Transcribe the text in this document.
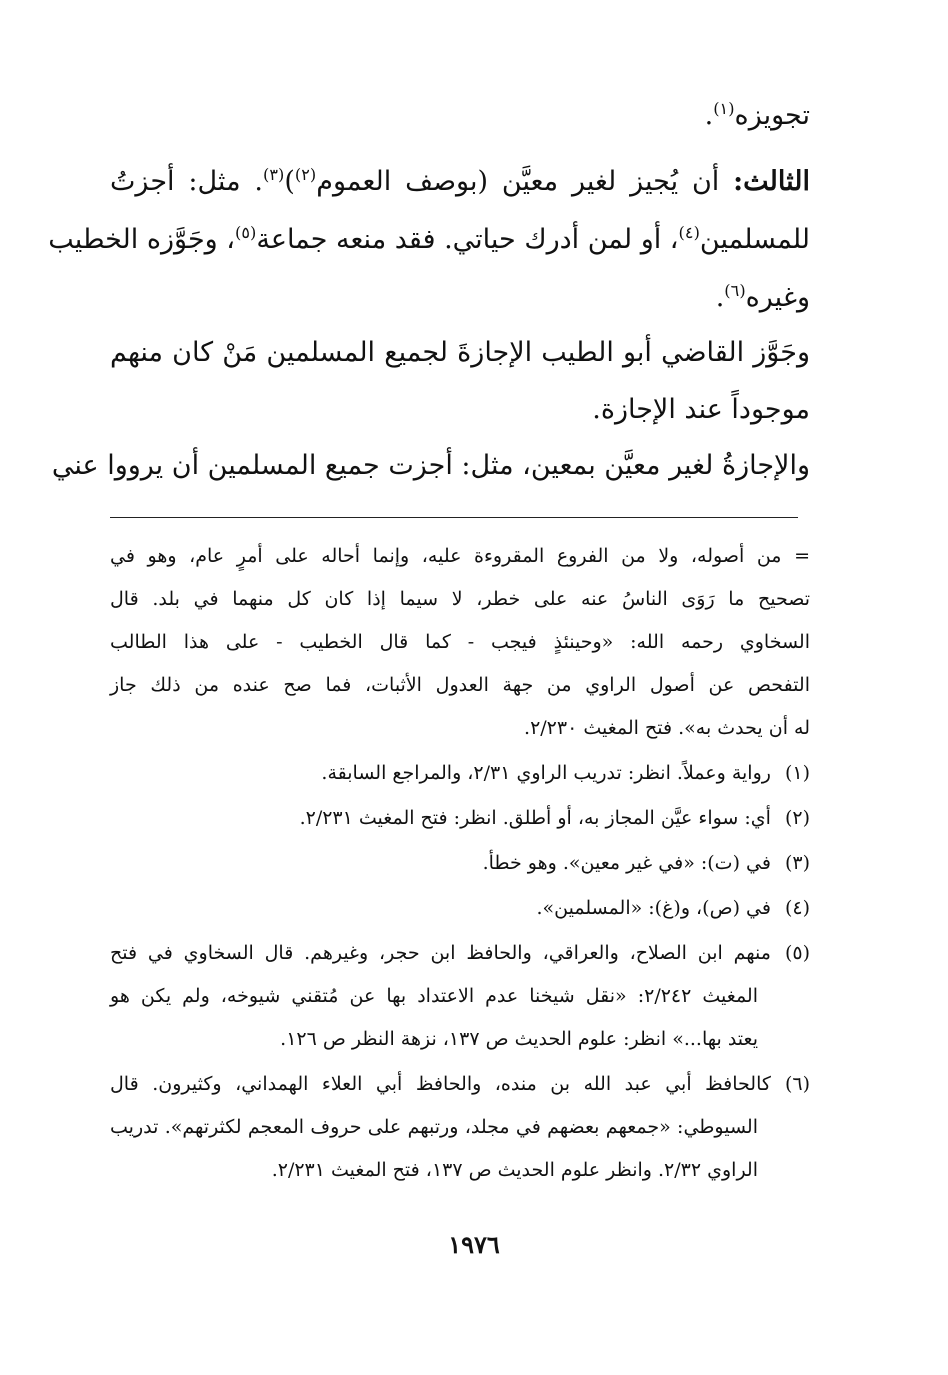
تجويزه$^{(١)}$.
الثالث: أن يُجيز لغير معيَّن (بوصف العموم$^{(٢)}$)$^{(٣)}$. مثل: أجزتُ
للمسلمين$^{(٤)}$، أو لمن أدرك حياتي. فقد منعه جماعة$^{(٥)}$، وجَوَّزه الخطيب
وغيره$^{(٦)}$.
وجَوَّز القاضي أبو الطيب الإجازةَ لجميع المسلمين مَنْ كان منهم
موجوداً عند الإجازة.
والإجازةُ لغير معيَّن بمعين، مثل: أجزت جميع المسلمين أن يرووا عني
= من أصوله، ولا من الفروع المقروءة عليه، وإنما أحاله على أمرٍ عام، وهو في
تصحيح ما رَوَى الناسُ عنه على خطر، لا سيما إذا كان كل منهما في بلد. قال
السخاوي رحمه الله: «وحينئذٍ فيجب - كما قال الخطيب - على هذا الطالب
التفحص عن أصول الراوي من جهة العدول الأثبات، فما صح عنده من ذلك جاز
له أن يحدث به». فتح المغيث ٢/٢٣٠.
(١)رواية وعملاً. انظر: تدريب الراوي ٢/٣١، والمراجع السابقة.
(٢)أي: سواء عيَّن المجاز به، أو أطلق. انظر: فتح المغيث ٢/٢٣١.
(٣)في (ت): «في غير معين». وهو خطأ.
(٤)في (ص)، و(غ): «المسلمين».
(٥)منهم ابن الصلاح، والعراقي، والحافظ ابن حجر، وغيرهم. قال السخاوي في فتح
المغيث ٢/٢٤٢: «نقل شيخنا عدم الاعتداد بها عن مُتقني شيوخه، ولم يكن هو
يعتد بها...» انظر: علوم الحديث ص ١٣٧، نزهة النظر ص ١٢٦.
(٦)كالحافظ أبي عبد الله بن منده، والحافظ أبي العلاء الهمداني، وكثيرون. قال
السيوطي: «جمعهم بعضهم في مجلد، ورتبهم على حروف المعجم لكثرتهم». تدريب
الراوي ٢/٣٢. وانظر علوم الحديث ص ١٣٧، فتح المغيث ٢/٢٣١.
١٩٧٦
